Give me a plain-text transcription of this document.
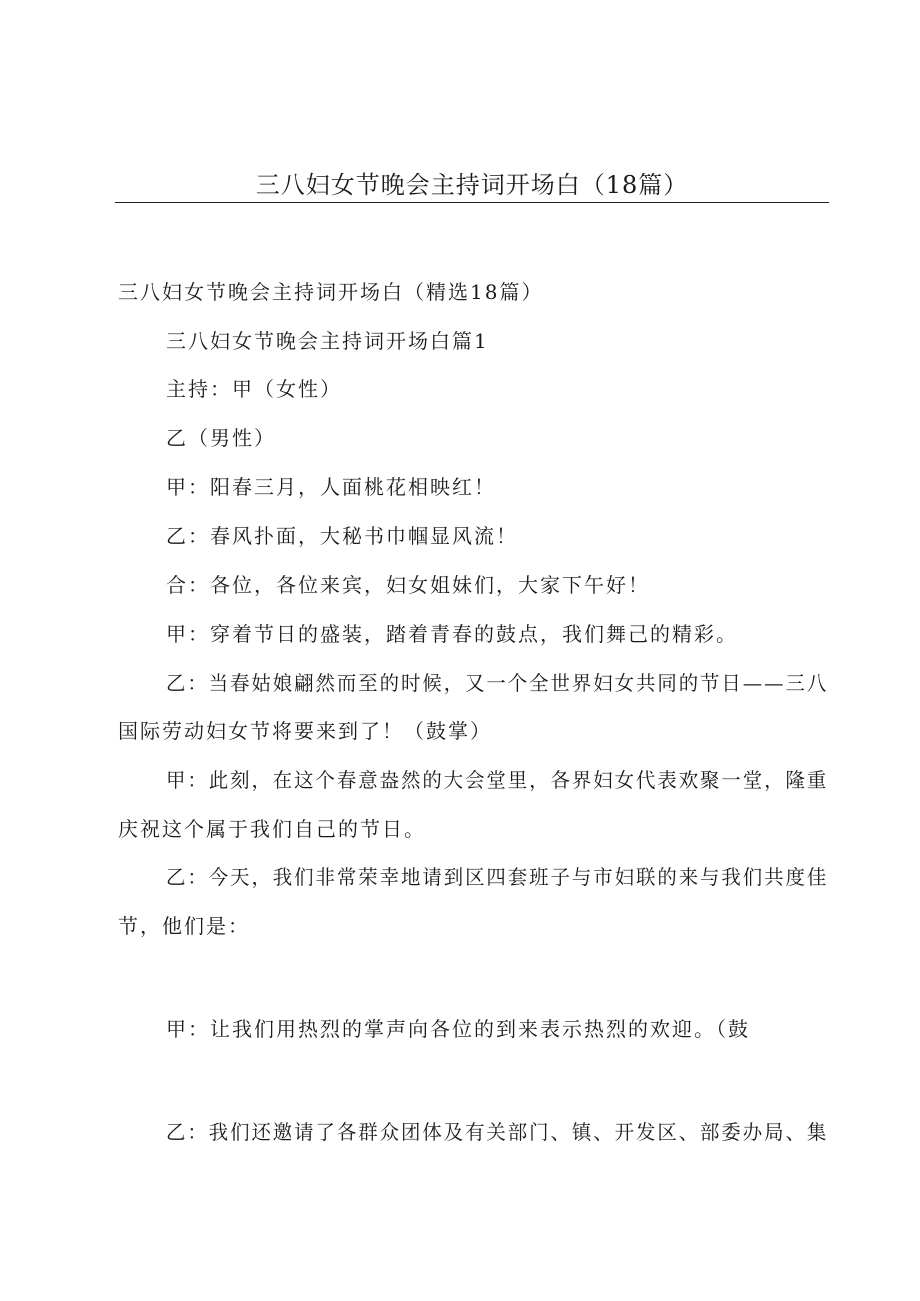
三八妇女节晚会主持词开场白（18篇）
三八妇女节晚会主持词开场白（精选18篇）
三八妇女节晚会主持词开场白篇1
主持：甲（女性）
乙（男性）
甲：阳春三月，人面桃花相映红！
乙：春风扑面，大秘书巾帼显风流！
合：各位，各位来宾，妇女姐妹们，大家下午好！
甲：穿着节日的盛装，踏着青春的鼓点，我们舞己的精彩。
乙：当春姑娘翩然而至的时候，又一个全世界妇女共同的节日——三八
国际劳动妇女节将要来到了！（鼓掌）
甲：此刻，在这个春意盎然的大会堂里，各界妇女代表欢聚一堂，隆重
庆祝这个属于我们自己的节日。
乙：今天，我们非常荣幸地请到区四套班子与市妇联的来与我们共度佳
节，他们是：
甲：让我们用热烈的掌声向各位的到来表示热烈的欢迎。（鼓
乙：我们还邀请了各群众团体及有关部门、镇、开发区、部委办局、集
